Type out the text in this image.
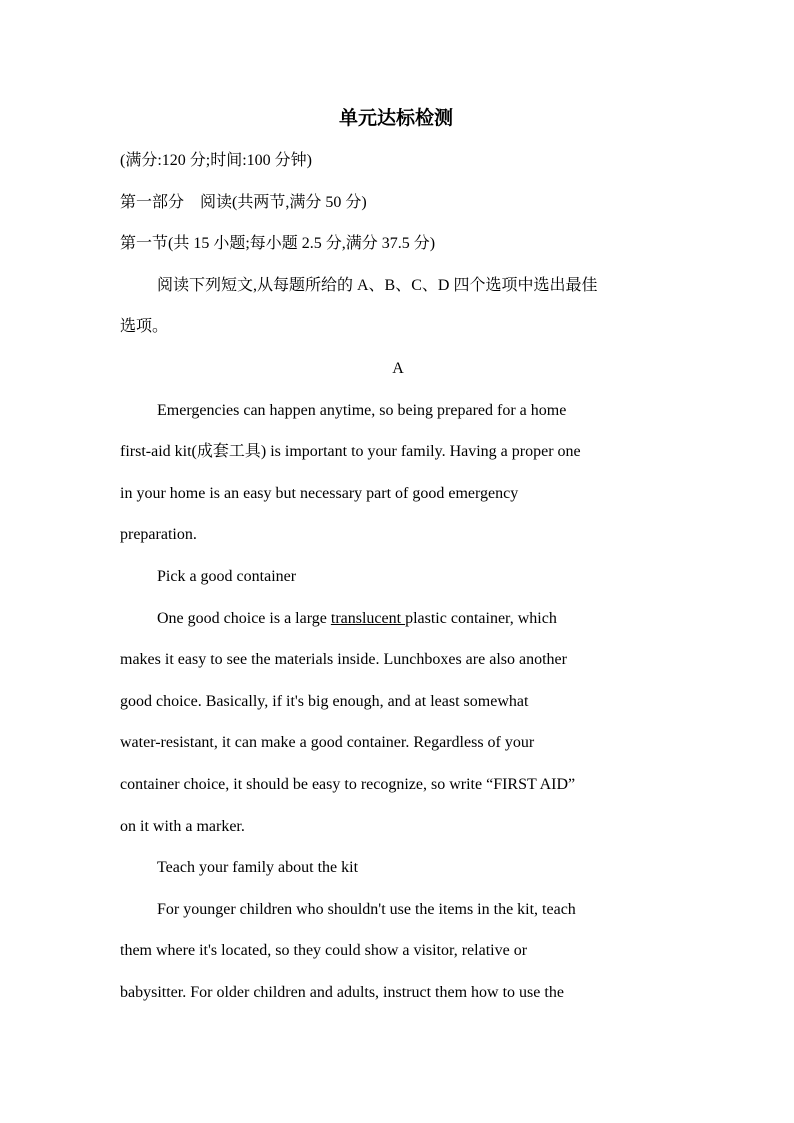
单元达标检测
(满分:120 分;时间:100 分钟)
第一部分　阅读(共两节,满分 50 分)
第一节(共 15 小题;每小题 2.5 分,满分 37.5 分)
阅读下列短文,从每题所给的 A、B、C、D 四个选项中选出最佳
选项。
A
Emergencies can happen anytime, so being prepared for a home
first-aid kit(成套工具) is important to your family. Having a proper one
in your home is an easy but necessary part of good emergency
preparation.
Pick a good container
One good choice is a large translucent plastic container, which
makes it easy to see the materials inside. Lunchboxes are also another
good choice. Basically, if it's big enough, and at least somewhat
water-resistant, it can make a good container. Regardless of your
container choice, it should be easy to recognize, so write “FIRST AID”
on it with a marker.
Teach your family about the kit
For younger children who shouldn't use the items in the kit, teach
them where it's located, so they could show a visitor, relative or
babysitter. For older children and adults, instruct them how to use the
